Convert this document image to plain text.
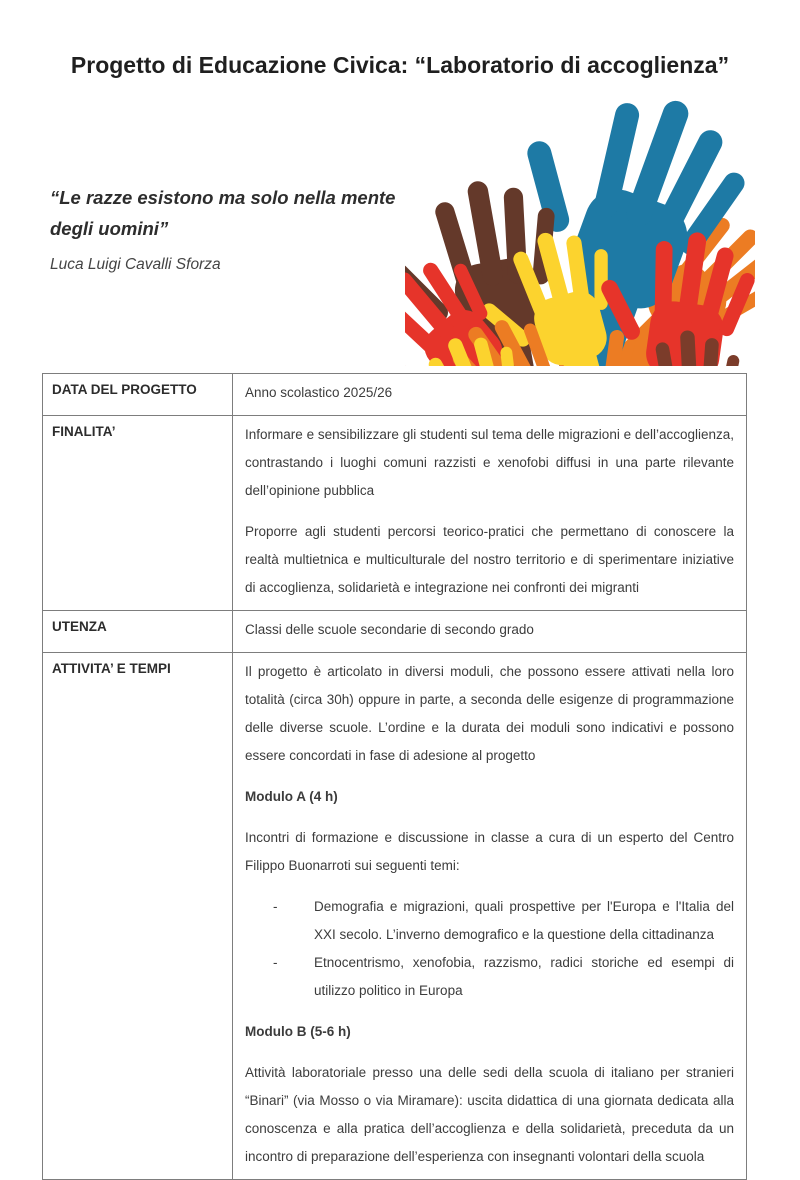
Progetto di Educazione Civica: “Laboratorio di accoglienza”
“Le razze esistono ma solo nella mente
degli uomini”
Luca Luigi Cavalli Sforza
DATA DEL PROGETTO	Anno scolastico 2025/26

FINALITA’	Informare e sensibilizzare gli studenti sul tema delle migrazioni e dell’accoglienza, contrastando i luoghi comuni razzisti e xenofobi diffusi in una parte rilevante dell’opinione pubblica
Proporre agli studenti percorsi teorico-pratici che permettano di conoscere la realtà multietnica e multiculturale del nostro territorio e di sperimentare iniziative di accoglienza, solidarietà e integrazione nei confronti dei migranti

UTENZA	Classi delle scuole secondarie di secondo grado

ATTIVITA’ E TEMPI	Il progetto è articolato in diversi moduli, che possono essere attivati nella loro totalità (circa 30h) oppure in parte, a seconda delle esigenze di programmazione delle diverse scuole. L’ordine e la durata dei moduli sono indicativi e possono essere concordati in fase di adesione al progetto
Modulo A (4 h)
Incontri di formazione e discussione in classe a cura di un esperto del Centro Filippo Buonarroti sui seguenti temi:
-	Demografia e migrazioni, quali prospettive per l'Europa e l'Italia del XXI secolo. L’inverno demografico e la questione della cittadinanza
-	Etnocentrismo, xenofobia, razzismo, radici storiche ed esempi di utilizzo politico in Europa
Modulo B (5-6 h)
Attività laboratoriale presso una delle sedi della scuola di italiano per stranieri “Binari” (via Mosso o via Miramare): uscita didattica di una giornata dedicata alla conoscenza e alla pratica dell’accoglienza e della solidarietà, preceduta da un incontro di preparazione dell’esperienza con insegnanti volontari della scuola
